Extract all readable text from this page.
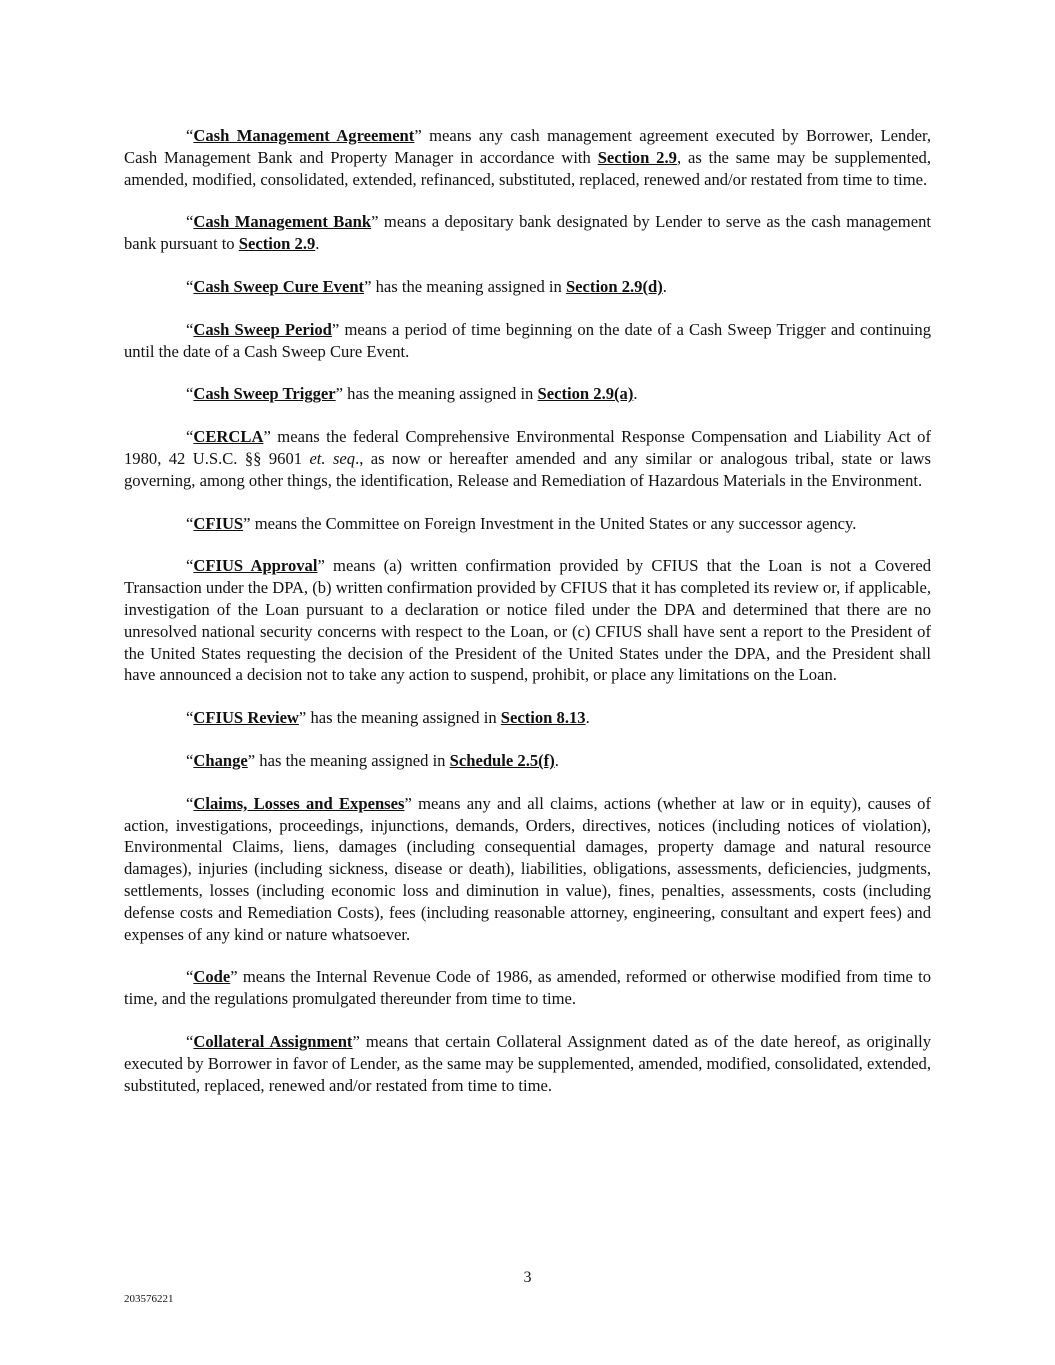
“Cash Management Agreement” means any cash management agreement executed by Borrower, Lender, Cash Management Bank and Property Manager in accordance with Section 2.9, as the same may be supplemented, amended, modified, consolidated, extended, refinanced, substituted, replaced, renewed and/or restated from time to time.

“Cash Management Bank” means a depositary bank designated by Lender to serve as the cash management bank pursuant to Section 2.9.

“Cash Sweep Cure Event” has the meaning assigned in Section 2.9(d).

“Cash Sweep Period” means a period of time beginning on the date of a Cash Sweep Trigger and continuing until the date of a Cash Sweep Cure Event.

“Cash Sweep Trigger” has the meaning assigned in Section 2.9(a).

“CERCLA” means the federal Comprehensive Environmental Response Compensation and Liability Act of 1980, 42 U.S.C. §§ 9601 et. seq., as now or hereafter amended and any similar or analogous tribal, state or laws governing, among other things, the identification, Release and Remediation of Hazardous Materials in the Environment.

“CFIUS” means the Committee on Foreign Investment in the United States or any successor agency.

“CFIUS Approval” means (a) written confirmation provided by CFIUS that the Loan is not a Covered Transaction under the DPA, (b) written confirmation provided by CFIUS that it has completed its review or, if applicable, investigation of the Loan pursuant to a declaration or notice filed under the DPA and determined that there are no unresolved national security concerns with respect to the Loan, or (c) CFIUS shall have sent a report to the President of the United States requesting the decision of the President of the United States under the DPA, and the President shall have announced a decision not to take any action to suspend, prohibit, or place any limitations on the Loan.

“CFIUS Review” has the meaning assigned in Section 8.13.

“Change” has the meaning assigned in Schedule 2.5(f).

“Claims, Losses and Expenses” means any and all claims, actions (whether at law or in equity), causes of action, investigations, proceedings, injunctions, demands, Orders, directives, notices (including notices of violation), Environmental Claims, liens, damages (including consequential damages, property damage and natural resource damages), injuries (including sickness, disease or death), liabilities, obligations, assessments, deficiencies, judgments, settlements, losses (including economic loss and diminution in value), fines, penalties, assessments, costs (including defense costs and Remediation Costs), fees (including reasonable attorney, engineering, consultant and expert fees) and expenses of any kind or nature whatsoever.

“Code” means the Internal Revenue Code of 1986, as amended, reformed or otherwise modified from time to time, and the regulations promulgated thereunder from time to time.

“Collateral Assignment” means that certain Collateral Assignment dated as of the date hereof, as originally executed by Borrower in favor of Lender, as the same may be supplemented, amended, modified, consolidated, extended, substituted, replaced, renewed and/or restated from time to time.

3
203576221
